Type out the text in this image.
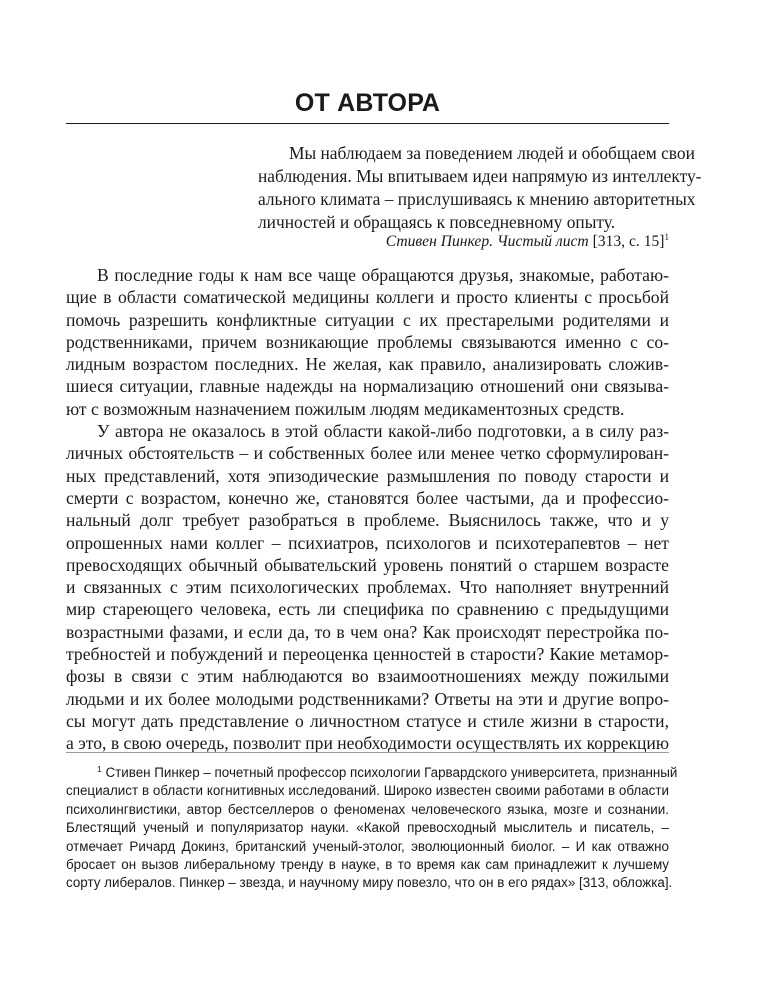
ОТ АВТОРА
Мы наблюдаем за поведением людей и обобщаем свои
наблюдения. Мы впитываем идеи напрямую из интеллекту-
ального климата – прислушиваясь к мнению авторитетных
личностей и обращаясь к повседневному опыту.
Стивен Пинкер. Чистый лист [313, с. 15]$^1$
В последние годы к нам все чаще обращаются друзья, знакомые, работаю-
щие в области соматической медицины коллеги и просто клиенты с просьбой
помочь разрешить конфликтные ситуации с их престарелыми родителями и
родственниками, причем возникающие проблемы связываются именно с со-
лидным возрастом последних. Не желая, как правило, анализировать сложив-
шиеся ситуации, главные надежды на нормализацию отношений они связыва-
ют с возможным назначением пожилым людям медикаментозных средств.
У автора не оказалось в этой области какой-либо подготовки, а в силу раз-
личных обстоятельств – и собственных более или менее четко сформулирован-
ных представлений, хотя эпизодические размышления по поводу старости и
смерти с возрастом, конечно же, становятся более частыми, да и профессио-
нальный долг требует разобраться в проблеме. Выяснилось также, что и у
опрошенных нами коллег – психиатров, психологов и психотерапевтов – нет
превосходящих обычный обывательский уровень понятий о старшем возрасте
и связанных с этим психологических проблемах. Что наполняет внутренний
мир стареющего человека, есть ли специфика по сравнению с предыдущими
возрастными фазами, и если да, то в чем она? Как происходят перестройка по-
требностей и побуждений и переоценка ценностей в старости? Какие метамор-
фозы в связи с этим наблюдаются во взаимоотношениях между пожилыми
людьми и их более молодыми родственниками? Ответы на эти и другие вопро-
сы могут дать представление о личностном статусе и стиле жизни в старости,
а это, в свою очередь, позволит при необходимости осуществлять их коррекцию
$^1$ Стивен Пинкер – почетный профессор психологии Гарвардского университета, признанный
специалист в области когнитивных исследований. Широко известен своими работами в области
психолингвистики, автор бестселлеров о феноменах человеческого языка, мозге и сознании.
Блестящий ученый и популяризатор науки. «Какой превосходный мыслитель и писатель, –
отмечает Ричард Докинз, британский ученый-этолог, эволюционный биолог. – И как отважно
бросает он вызов либеральному тренду в науке, в то время как сам принадлежит к лучшему
сорту либералов. Пинкер – звезда, и научному миру повезло, что он в его рядах» [313, обложка].
